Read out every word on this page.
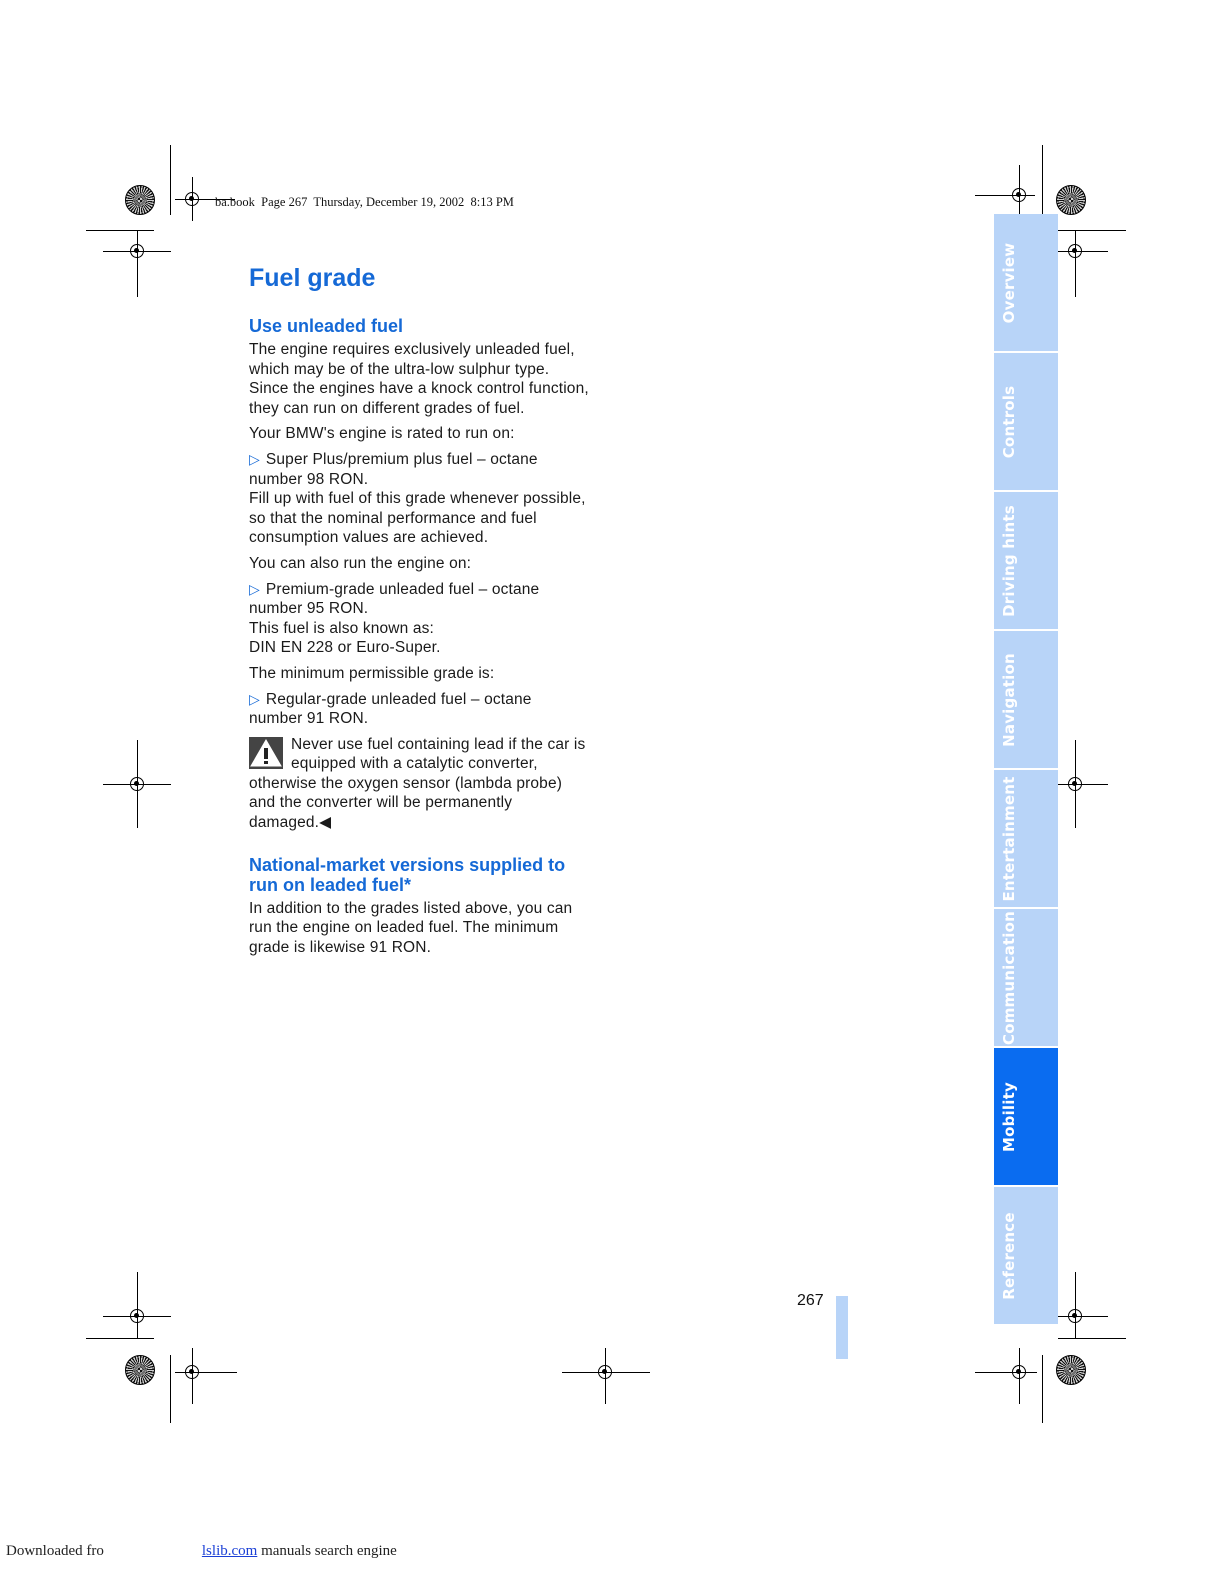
ba.book  Page 267  Thursday, December 19, 2002  8:13 PM
Fuel grade
Use unleaded fuel

The engine requires exclusively unleaded fuel, which may be of the ultra-low sulphur type. Since the engines have a knock control function, they can run on different grades of fuel.

Your BMW's engine is rated to run on:

▷ Super Plus/premium plus fuel – octane number 98 RON.

Fill up with fuel of this grade whenever possible, so that the nominal performance and fuel consumption values are achieved.

You can also run the engine on:

▷ Premium-grade unleaded fuel – octane number 95 RON.
This fuel is also known as:

DIN EN 228 or Euro-Super.

The minimum permissible grade is:

▷ Regular-grade unleaded fuel – octane number 91 RON.
Never use fuel containing lead if the car is equipped with a catalytic converter, otherwise the oxygen sensor (lambda probe) and the converter will be permanently damaged.◀
National-market versions supplied to run on leaded fuel*

In addition to the grades listed above, you can run the engine on leaded fuel. The minimum grade is likewise 91 RON.

Overview
Controls
Driving hints
Navigation
Entertainment
Communication
Mobility
Reference
267
Downloaded fro	lslib.com manuals search engine
